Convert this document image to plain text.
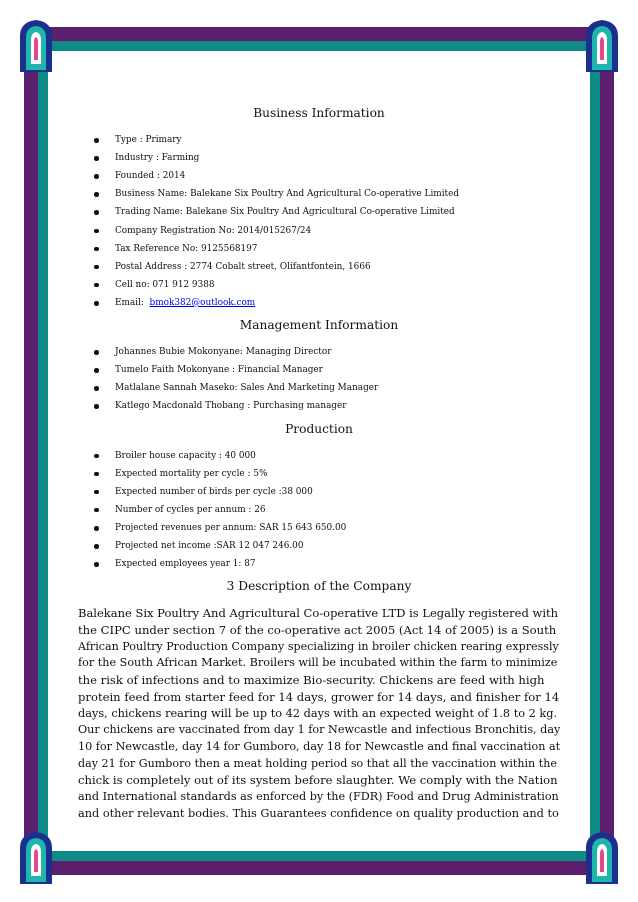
Business Information
Type : Primary
Industry : Farming
Founded : 2014
Business Name: Balekane Six Poultry And Agricultural Co-operative Limited
Trading Name: Balekane Six Poultry And Agricultural Co-operative Limited
Company Registration No: 2014/015267/24
Tax Reference No: 9125568197
Postal Address : 2774 Cobalt street, Olifantfontein, 1666
Cell no: 071 912 9388
Email: bmok382@outlook.com
Management Information
Johannes Bubie Mokonyane: Managing Director
Tumelo Faith Mokonyane : Financial Manager
Matlalane Sannah Maseko: Sales And Marketing Manager
Katlego Macdonald Thobang : Purchasing manager
Production
Broiler house capacity : 40 000
Expected mortality per cycle : 5%
Expected number of birds per cycle :38 000
Number of cycles per annum : 26
Projected revenues per annum: SAR 15 643 650.00
Projected net income :SAR 12 047 246.00
Expected employees year 1: 87
3 Description of the Company
Balekane Six Poultry And Agricultural Co-operative LTD is Legally registered with
the CIPC under section 7 of the co-operative act 2005 (Act 14 of 2005) is a South
African Poultry Production Company specializing in broiler chicken rearing expressly
for the South African Market. Broilers will be incubated within the farm to minimize
the risk of infections and to maximize Bio-security. Chickens are feed with high
protein feed from starter feed for 14 days, grower for 14 days, and finisher for 14
days, chickens rearing will be up to 42 days with an expected weight of 1.8 to 2 kg.
Our chickens are vaccinated from day 1 for Newcastle and infectious Bronchitis, day
10 for Newcastle, day 14 for Gumboro, day 18 for Newcastle and final vaccination at
day 21 for Gumboro then a meat holding period so that all the vaccination within the
chick is completely out of its system before slaughter. We comply with the Nation
and International standards as enforced by the (FDR) Food and Drug Administration
and other relevant bodies. This Guarantees confidence on quality production and to
